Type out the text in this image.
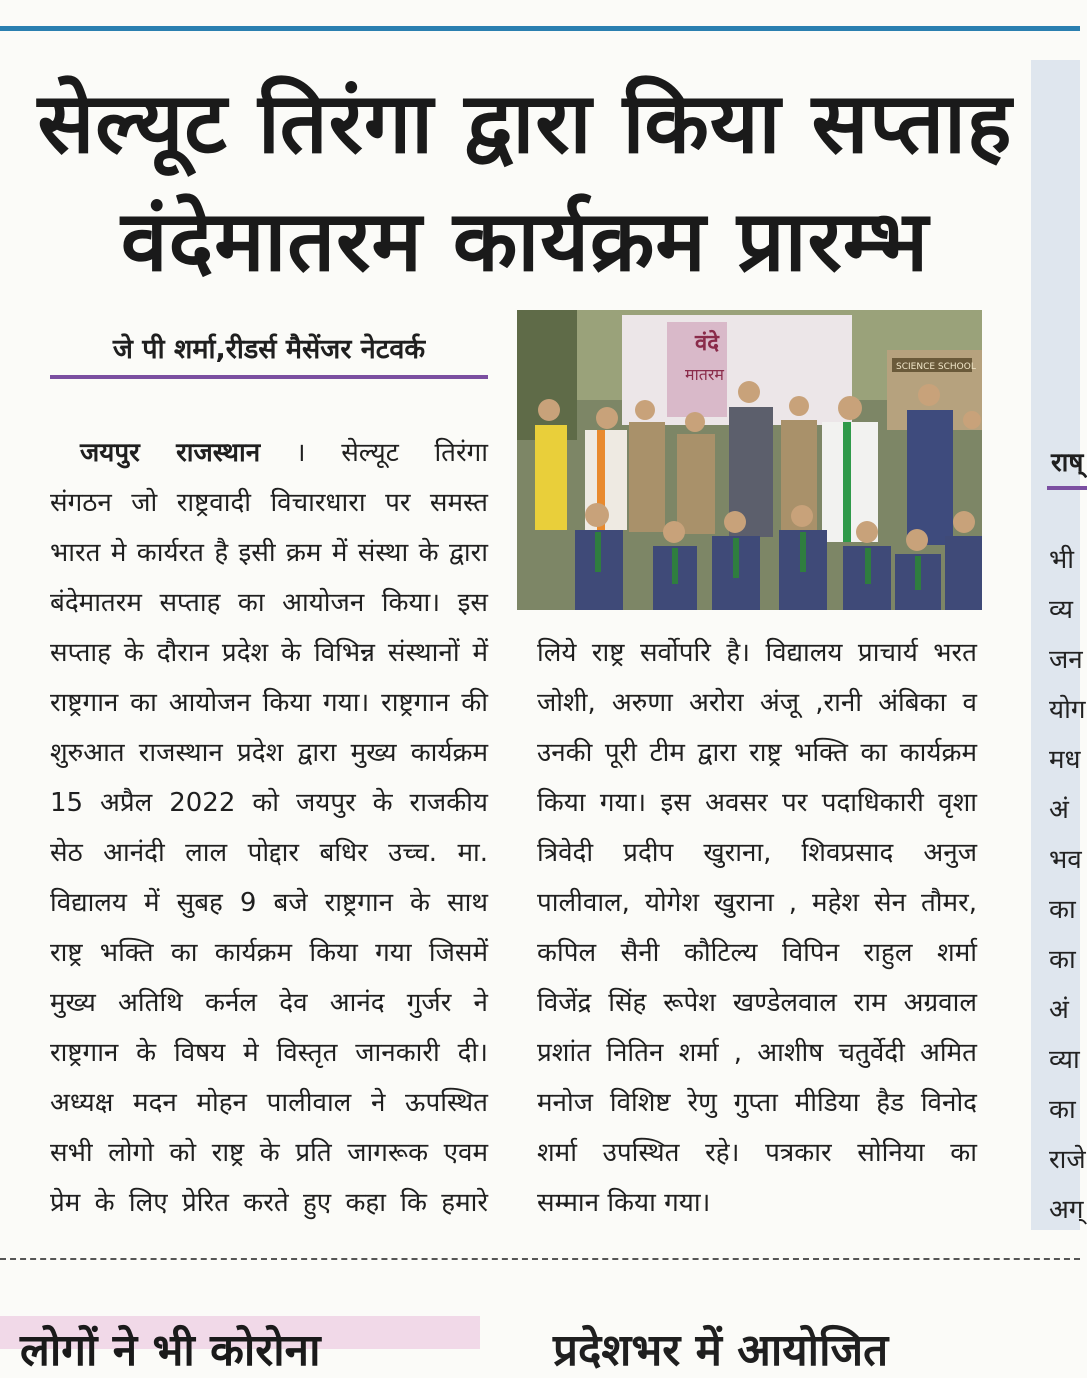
सेल्यूट तिरंगा द्वारा किया सप्ताह
वंदेमातरम कार्यक्रम प्रारम्भ
जे पी शर्मा,रीडर्स मैसेंजर नेटवर्क

जयपुर राजस्थान । सेल्यूट तिरंगा

संगठन जो राष्ट्रवादी विचारधारा पर समस्त

भारत मे कार्यरत है इसी क्रम में संस्था के द्वारा

बंदेमातरम सप्ताह का आयोजन किया। इस

सप्ताह के दौरान प्रदेश के विभिन्न संस्थानों में

राष्ट्रगान का आयोजन किया गया। राष्ट्रगान की

शुरुआत राजस्थान प्रदेश द्वारा मुख्य कार्यक्रम

15 अप्रैल 2022 को जयपुर के राजकीय

सेठ आनंदी लाल पोद्दार बधिर उच्च. मा.

विद्यालय में सुबह 9 बजे राष्ट्रगान के साथ

राष्ट्र भक्ति का कार्यक्रम किया गया जिसमें

मुख्य अतिथि कर्नल देव आनंद गुर्जर ने

राष्ट्रगान के विषय मे विस्तृत जानकारी दी।

अध्यक्ष मदन मोहन पालीवाल ने ऊपस्थित

सभी लोगो को राष्ट्र के प्रति जागरूक एवम

प्रेम के लिए प्रेरित करते हुए कहा कि हमारे

वंदे
मातरम	SCIENCE SCHOOL

लिये राष्ट्र सर्वोपरि है। विद्यालय प्राचार्य भरत

जोशी, अरुणा अरोरा अंजू ,रानी अंबिका व

उनकी पूरी टीम द्वारा राष्ट्र भक्ति का कार्यक्रम

किया गया। इस अवसर पर पदाधिकारी वृशा

त्रिवेदी प्रदीप खुराना, शिवप्रसाद अनुज

पालीवाल, योगेश खुराना , महेश सेन तौमर,

कपिल सैनी कौटिल्य विपिन राहुल शर्मा

विजेंद्र सिंह रूपेश खण्डेलवाल राम अग्रवाल

प्रशांत नितिन शर्मा , आशीष चतुर्वेदी अमित

मनोज विशिष्ट रेणु गुप्ता मीडिया हैड विनोद

शर्मा उपस्थित रहे। पत्रकार सोनिया का

सम्मान किया गया।

राष्
भी
व्य
जन
योग
मध
अं
भव
का
का
अं
व्या
का
राजे
अग्
लोगों ने भी कोरोना	प्रदेशभर में आयोजित
